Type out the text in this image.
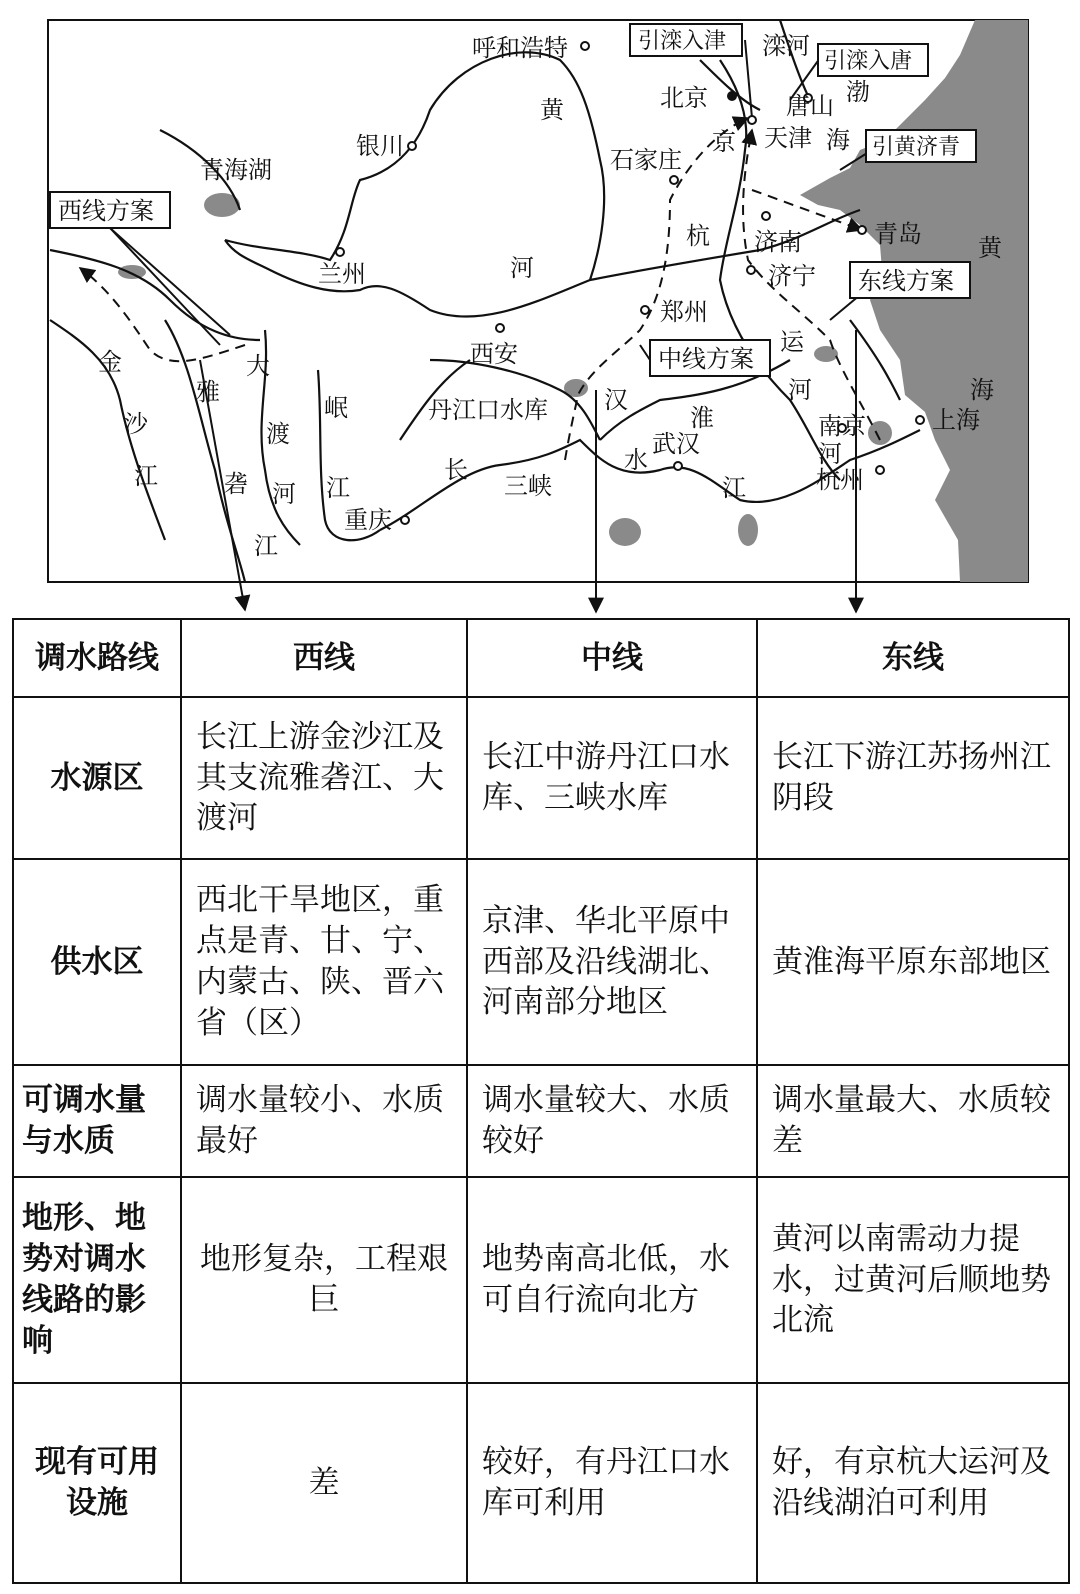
西线方案
中线方案
东线方案
引滦入津
引滦入唐
引黄济青
渤
海
黄
海
呼和浩特
银川
兰州
北京
天津
唐山
石家庄
济南
济宁
青岛
郑州
西安
重庆
武汉
南京	上海
杭州
黄
河
金
沙
江
雅
砻
江
大
渡
河
岷
江
长
江
汉
水
淮
河
京
杭
运
河
滦河
青海湖
丹江口水库
三峡
调水路线	西线	中线	东线
水源区	长江上游金沙江及其支流雅砻江、大渡河	长江中游丹江口水库、三峡水库	长江下游江苏扬州江阴段
供水区	西北干旱地区，重点是青、甘、宁、内蒙古、陕、晋六省（区）	京津、华北平原中西部及沿线湖北、河南部分地区	黄淮海平原东部地区
可调水量与水质	调水量较小、水质最好	调水量较大、水质较好	调水量最大、水质较差
地形、地势对调水线路的影响	地形复杂，工程艰巨	地势南高北低，水可自行流向北方	黄河以南需动力提水，过黄河后顺地势北流
现有可用设施	差	较好，有丹江口水库可利用	好，有京杭大运河及沿线湖泊可利用
